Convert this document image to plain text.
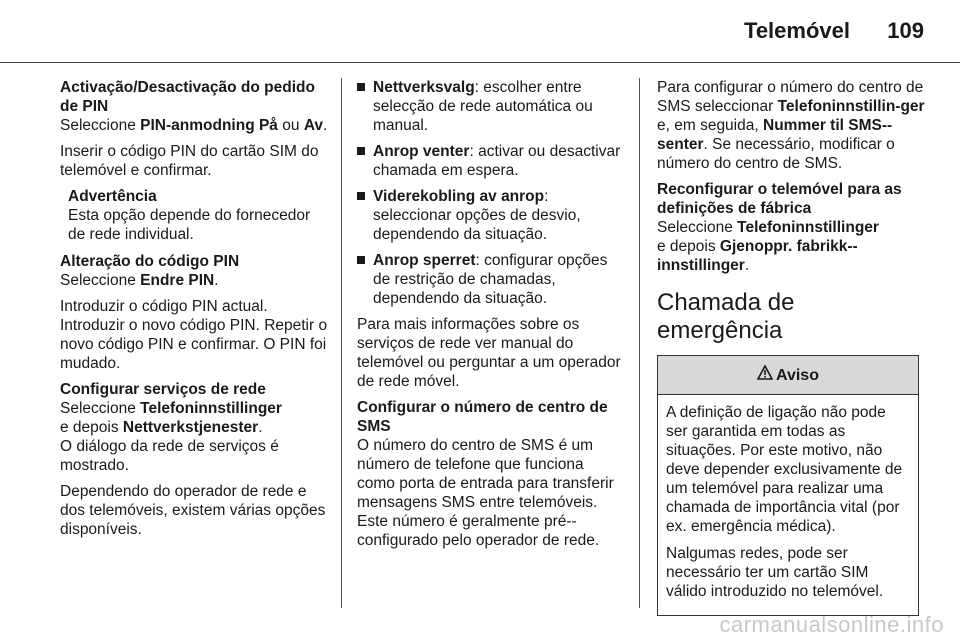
Telemóvel 109

Activação/Desactivação do pedido de PIN

Seleccione PIN-anmodning På ou Av.

Inserir o código PIN do cartão SIM do telemóvel e confirmar.

Advertência
Esta opção depende do fornecedor de rede individual.

Alteração do código PIN

Seleccione Endre PIN.

Introduzir o código PIN actual. Introduzir o novo código PIN. Repetir o novo código PIN e confirmar. O PIN foi mudado.

Configurar serviços de rede

Seleccione Telefoninnstillinger
e depois Nettverkstjenester.

O diálogo da rede de serviços é mostrado.

Dependendo do operador de rede e dos telemóveis, existem várias opções disponíveis.

Nettverksvalg: escolher entre selecção de rede automática ou manual.
Anrop venter: activar ou desactivar chamada em espera.
Viderekobling av anrop: seleccionar opções de desvio, dependendo da situação.
Anrop sperret: configurar opções de restrição de chamadas, dependendo da situação.

Para mais informações sobre os serviços de rede ver manual do telemóvel ou perguntar a um operador de rede móvel.

Configurar o número de centro de SMS

O número do centro de SMS é um número de telefone que funciona como porta de entrada para transferir mensagens SMS entre telemóveis. Este número é geralmente pré--configurado pelo operador de rede.

Para configurar o número do centro de SMS seleccionar Telefoninnstillin-ger e, em seguida, Nummer til SMS--senter. Se necessário, modificar o número do centro de SMS.

Reconfigurar o telemóvel para as definições de fábrica

Seleccione Telefoninnstillinger
e depois Gjenoppr. fabrikk--innstillinger.

Chamada de emergência
Aviso

A definição de ligação não pode ser garantida em todas as situações. Por este motivo, não deve depender exclusivamente de um telemóvel para realizar uma chamada de importância vital (por ex. emergência médica).

Nalgumas redes, pode ser necessário ter um cartão SIM válido introduzido no telemóvel.

carmanualsonline.info
